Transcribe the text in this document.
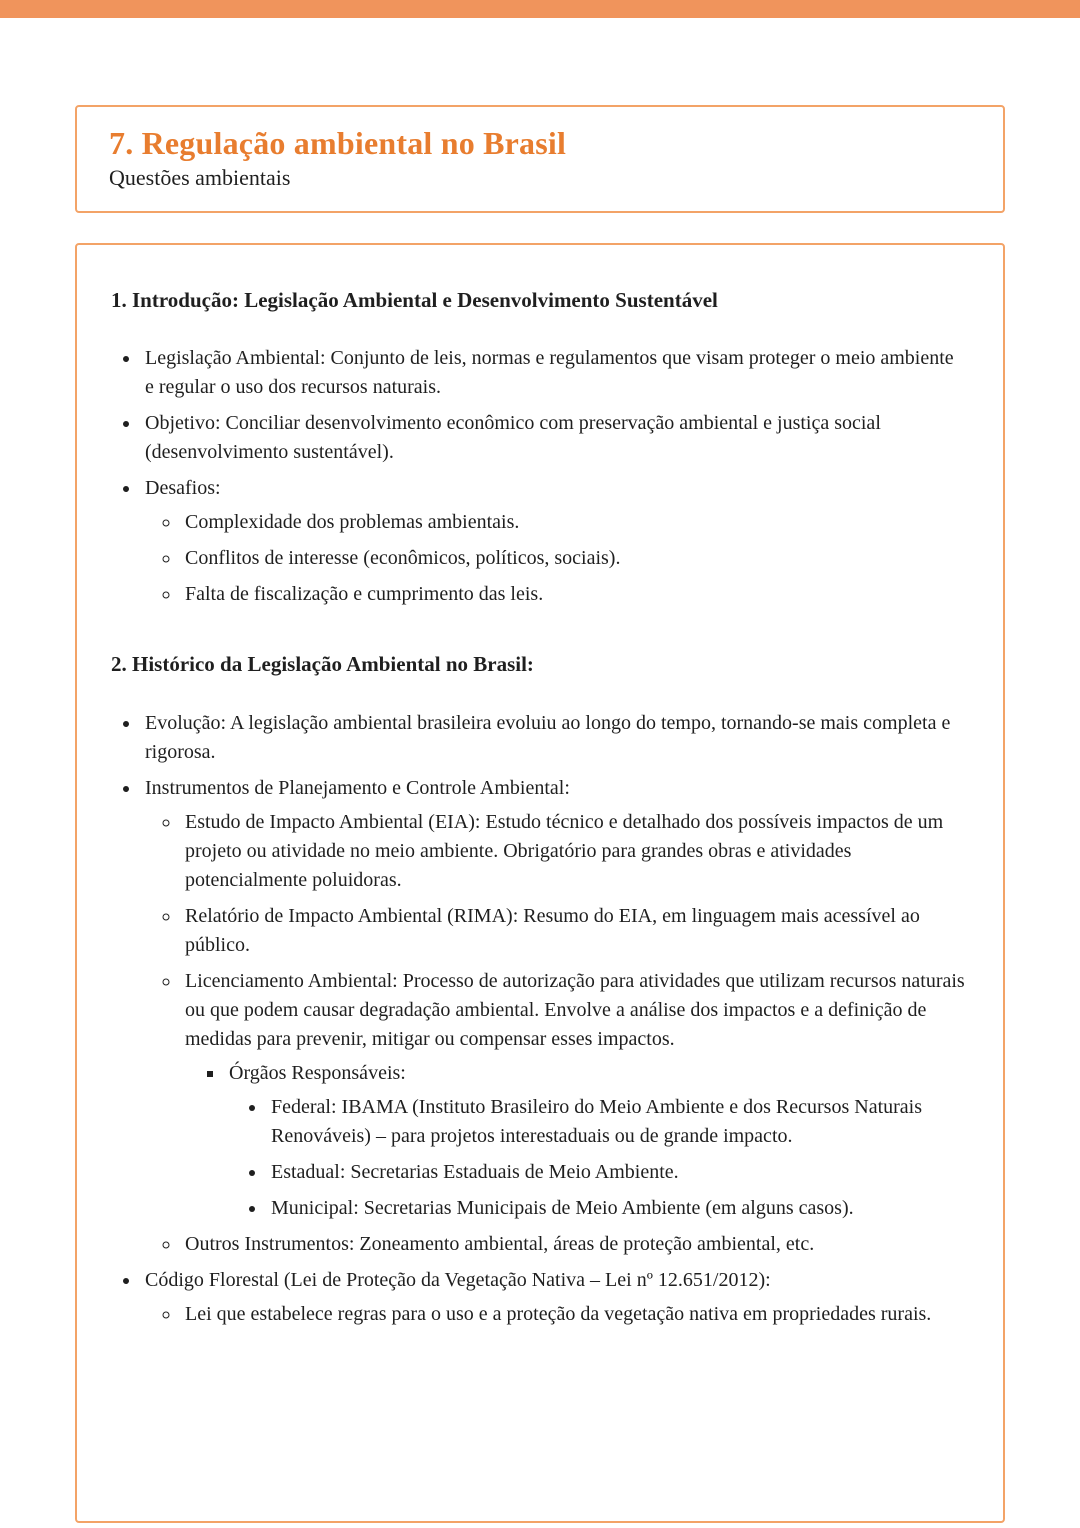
7. Regulação ambiental no Brasil
Questões ambientais
1. Introdução: Legislação Ambiental e Desenvolvimento Sustentável
• Legislação Ambiental: Conjunto de leis, normas e regulamentos que visam proteger o meio ambiente e regular o uso dos recursos naturais.
• Objetivo: Conciliar desenvolvimento econômico com preservação ambiental e justiça social (desenvolvimento sustentável).
• Desafios:
◦ Complexidade dos problemas ambientais.
◦ Conflitos de interesse (econômicos, políticos, sociais).
◦ Falta de fiscalização e cumprimento das leis.
2. Histórico da Legislação Ambiental no Brasil:
• Evolução: A legislação ambiental brasileira evoluiu ao longo do tempo, tornando-se mais completa e rigorosa.
• Instrumentos de Planejamento e Controle Ambiental:
◦ Estudo de Impacto Ambiental (EIA): Estudo técnico e detalhado dos possíveis impactos de um projeto ou atividade no meio ambiente. Obrigatório para grandes obras e atividades potencialmente poluidoras.
◦ Relatório de Impacto Ambiental (RIMA): Resumo do EIA, em linguagem mais acessível ao público.
◦ Licenciamento Ambiental: Processo de autorização para atividades que utilizam recursos naturais ou que podem causar degradação ambiental. Envolve a análise dos impactos e a definição de medidas para prevenir, mitigar ou compensar esses impactos.
▪ Órgãos Responsáveis:
• Federal: IBAMA (Instituto Brasileiro do Meio Ambiente e dos Recursos Naturais Renováveis) – para projetos interestaduais ou de grande impacto.
• Estadual: Secretarias Estaduais de Meio Ambiente.
• Municipal: Secretarias Municipais de Meio Ambiente (em alguns casos).
◦ Outros Instrumentos: Zoneamento ambiental, áreas de proteção ambiental, etc.
• Código Florestal (Lei de Proteção da Vegetação Nativa – Lei nº 12.651/2012):
◦ Lei que estabelece regras para o uso e a proteção da vegetação nativa em propriedades rurais.
